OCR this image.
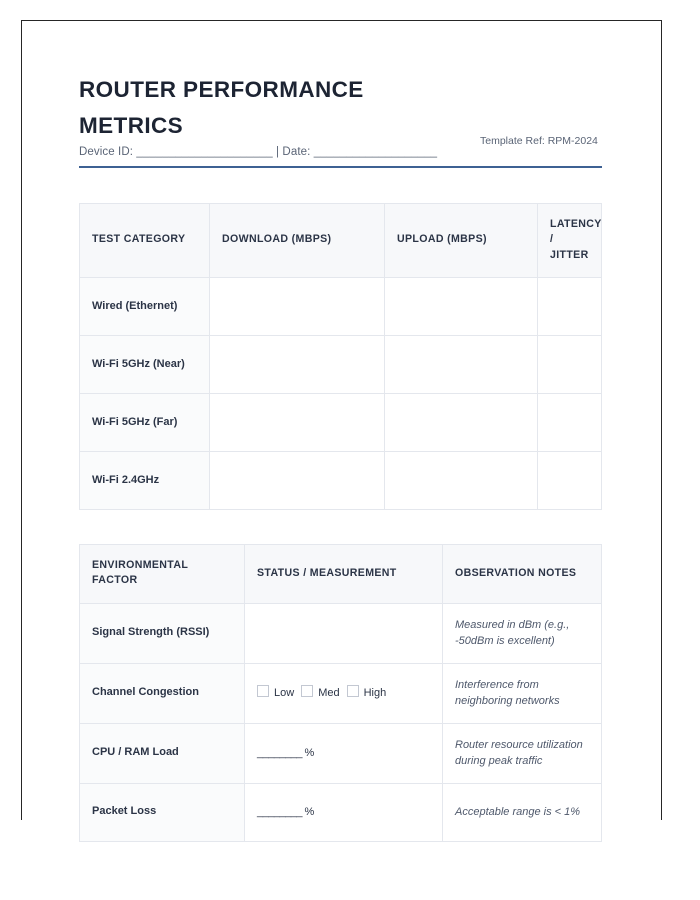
ROUTER PERFORMANCE METRICS
Device ID: _____________________ | Date: ___________________
Template Ref: RPM-2024
TEST CATEGORY	DOWNLOAD (MBPS)	UPLOAD (MBPS)	LATENCY / JITTER
Wired (Ethernet)			
Wi-Fi 5GHz (Near)			
Wi-Fi 5GHz (Far)			
Wi-Fi 2.4GHz			
ENVIRONMENTAL FACTOR	STATUS / MEASUREMENT	OBSERVATION NOTES
Signal Strength (RSSI)		Measured in dBm (e.g., -50dBm is excellent)
Channel Congestion	Low Med High	Interference from neighboring networks
CPU / RAM Load	________ %	Router resource utilization during peak traffic
Packet Loss	________ %	Acceptable range is < 1%
